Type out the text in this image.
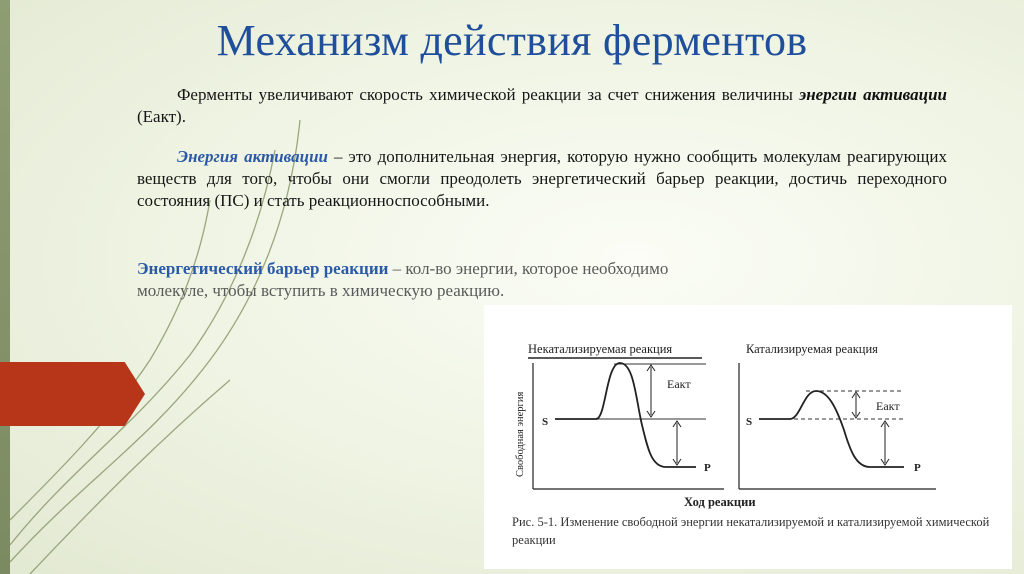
Механизм действия ферментов
Ферменты увеличивают скорость химической реакции за счет снижения величины энергии активации (Еакт).
Энергия активации – это дополнительная энергия, которую нужно сообщить молекулам реагирующих веществ для того, чтобы они смогли преодолеть энергетический барьер реакции, достичь переходного состояния (ПС) и стать реакционноспособными.
Энергетический барьер реакции – кол-во энергии, которое необходимо молекуле, чтобы вступить в химическую реакцию.
Некатализируемая реакция
Свободная энергия S
P
Еакт
Катализируемая реакция
S
P
Еакт
Ход реакции
Рис. 5-1. Изменение свободной энергии некатализируемой и катализируемой химической реакции
